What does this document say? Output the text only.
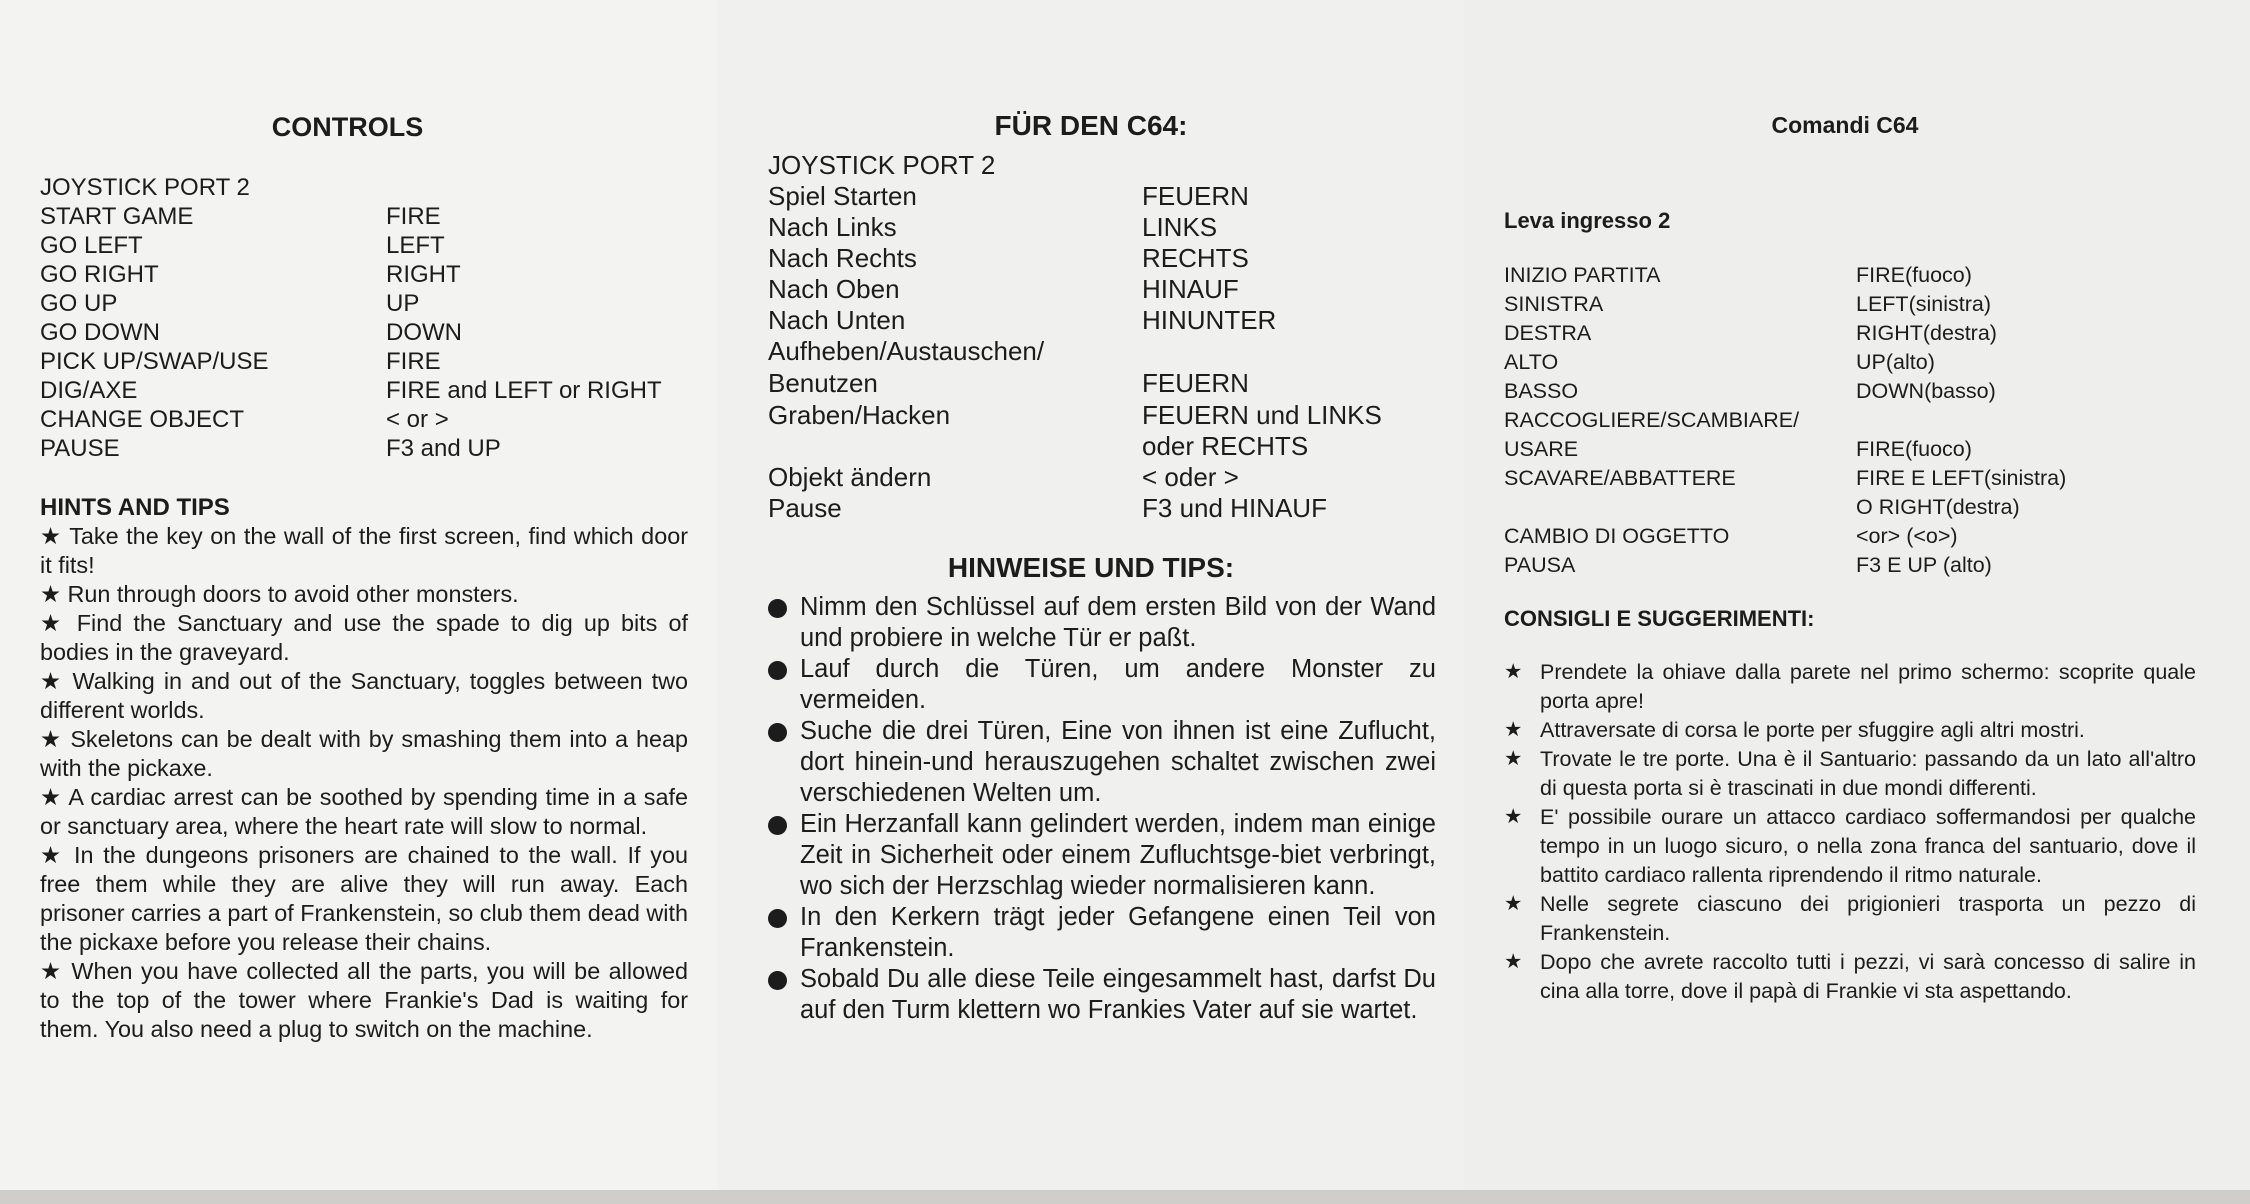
CONTROLS
JOYSTICK PORT 2
START GAME	FIRE
GO LEFT	LEFT
GO RIGHT	RIGHT
GO UP	UP
GO DOWN	DOWN
PICK UP/SWAP/USE	FIRE
DIG/AXE	FIRE and LEFT or RIGHT
CHANGE OBJECT	< or >
PAUSE	F3 and UP
HINTS AND TIPS

★ Take the key on the wall of the first screen, find which door it fits!

★ Run through doors to avoid other monsters.

★ Find the Sanctuary and use the spade to dig up bits of bodies in the graveyard.

★ Walking in and out of the Sanctuary, toggles between two different worlds.

★ Skeletons can be dealt with by smashing them into a heap with the pickaxe.

★ A cardiac arrest can be soothed by spending time in a safe or sanctuary area, where the heart rate will slow to normal.

★ In the dungeons prisoners are chained to the wall. If you free them while they are alive they will run away. Each prisoner carries a part of Frankenstein, so club them dead with the pickaxe before you release their chains.

★ When you have collected all the parts, you will be allowed to the top of the tower where Frankie's Dad is waiting for them. You also need a plug to switch on the machine.

FÜR DEN C64:
JOYSTICK PORT 2
Spiel Starten	FEUERN
Nach Links	LINKS
Nach Rechts	RECHTS
Nach Oben	HINAUF
Nach Unten	HINUNTER
Aufheben/Austauschen/
Benutzen	FEUERN
Graben/Hacken	FEUERN und LINKS
oder RECHTS
Objekt ändern	< oder >
Pause	F3 und HINAUF
HINWEISE UND TIPS:
Nimm den Schlüssel auf dem ersten Bild von der Wand und probiere in welche Tür er paßt.
Lauf durch die Türen, um andere Monster zu vermeiden.
Suche die drei Türen, Eine von ihnen ist eine Zuflucht, dort hinein-und herauszugehen schaltet zwischen zwei verschiedenen Welten um.
Ein Herzanfall kann gelindert werden, indem man einige Zeit in Sicherheit oder einem Zufluchtsge-biet verbringt, wo sich der Herzschlag wieder normalisieren kann.
In den Kerkern trägt jeder Gefangene einen Teil von Frankenstein.
Sobald Du alle diese Teile eingesammelt hast, darfst Du auf den Turm klettern wo Frankies Vater auf sie wartet.
Comandi C64
Leva ingresso 2
INIZIO PARTITA	FIRE(fuoco)
SINISTRA	LEFT(sinistra)
DESTRA	RIGHT(destra)
ALTO	UP(alto)
BASSO	DOWN(basso)
RACCOGLIERE/SCAMBIARE/
USARE	FIRE(fuoco)
SCAVARE/ABBATTERE	FIRE E LEFT(sinistra)
O RIGHT(destra)
CAMBIO DI OGGETTO	<or> (<o>)
PAUSA	F3 E UP (alto)
CONSIGLI E SUGGERIMENTI:
★ Prendete la ohiave dalla parete nel primo schermo: scoprite quale porta apre!
★ Attraversate di corsa le porte per sfuggire agli altri mostri.
★ Trovate le tre porte. Una è il Santuario: passando da un lato all'altro di questa porta si è trascinati in due mondi differenti.
★ E' possibile ourare un attacco cardiaco soffermandosi per qualche tempo in un luogo sicuro, o nella zona franca del santuario, dove il battito cardiaco rallenta riprendendo il ritmo naturale.
★ Nelle segrete ciascuno dei prigionieri trasporta un pezzo di Frankenstein.
★ Dopo che avrete raccolto tutti i pezzi, vi sarà concesso di salire in cina alla torre, dove il papà di Frankie vi sta aspettando.
